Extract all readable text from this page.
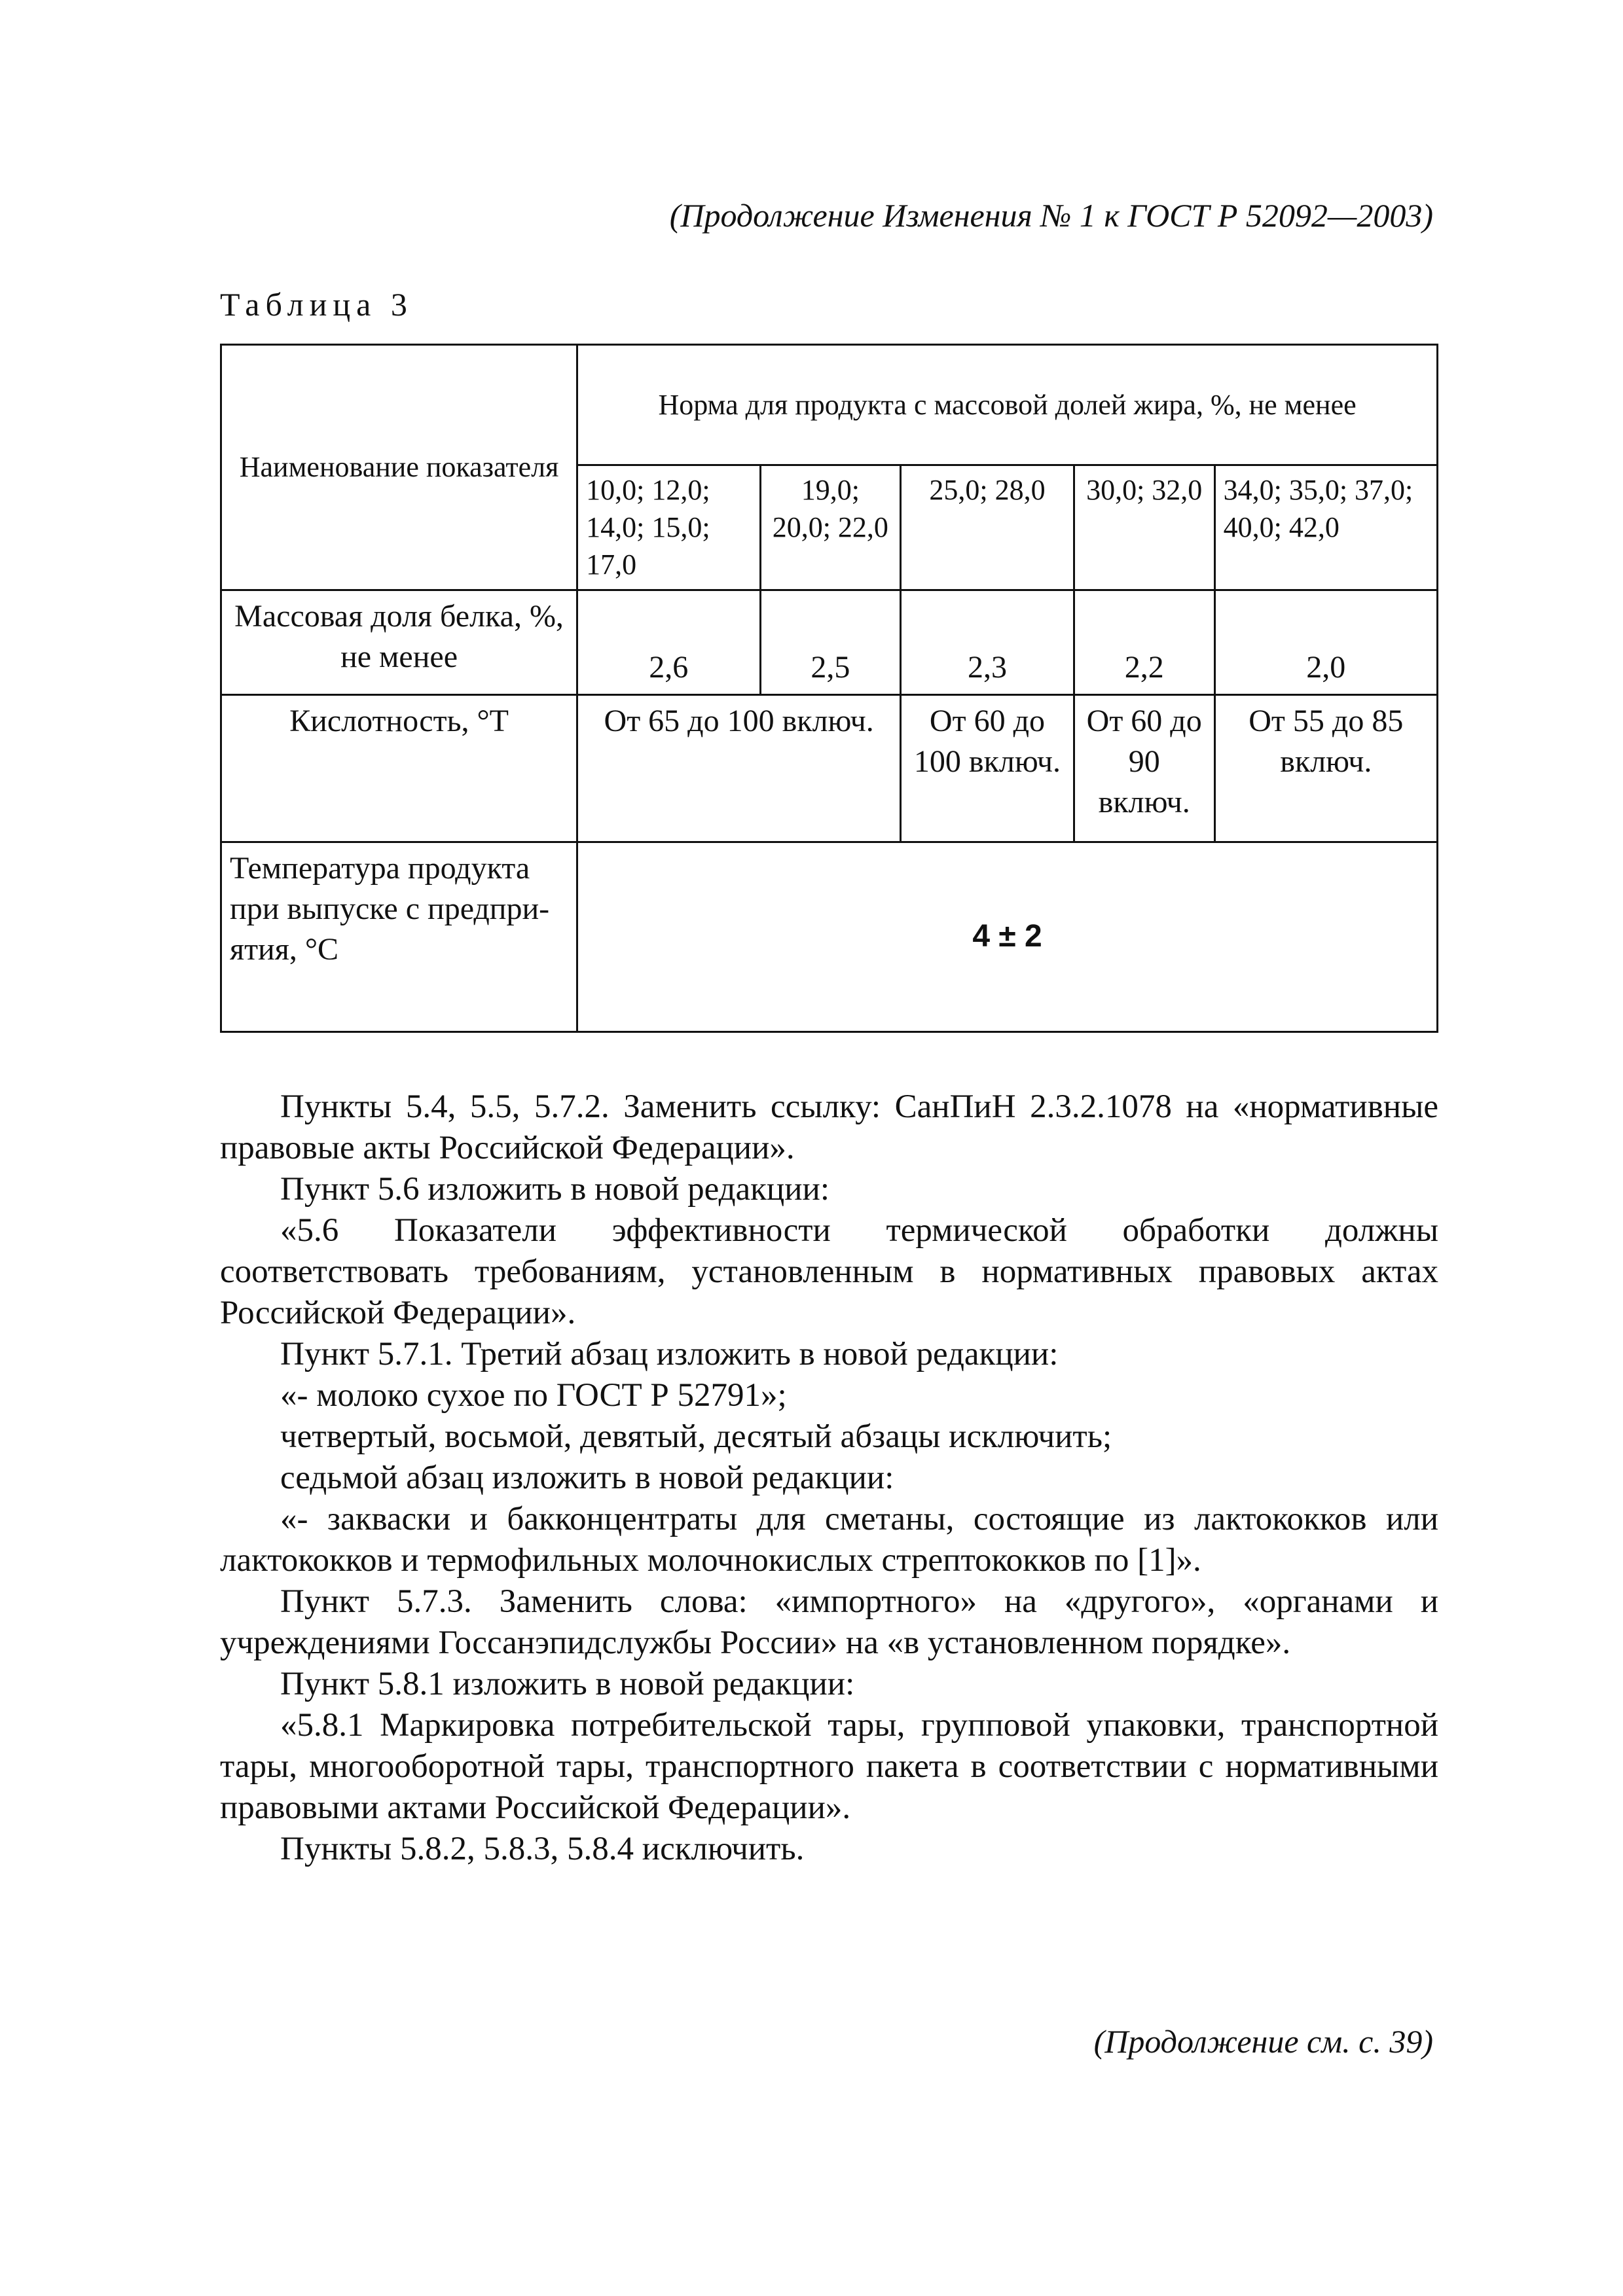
(Продолжение Изменения № 1 к ГОСТ Р 52092—2003)
Таблица 3
Наименование показателя	Норма для продукта с массовой долей жира, %, не менее				
	10,0; 12,0; 14,0; 15,0; 17,0	19,0; 20,0; 22,0	25,0; 28,0	30,0; 32,0	34,0; 35,0; 37,0; 40,0; 42,0
Массовая доля белка, %, не менее	2,6	2,5	2,3	2,2	2,0
Кислотность, °Т	От 65 до 100 включ.		От 60 до 100 включ.	От 60 до 90 включ.	От 55 до 85 включ.
Температура продукта при выпуске с предпри-ятия, °С	4 ± 2				

Пункты 5.4, 5.5, 5.7.2. Заменить ссылку: СанПиН 2.3.2.1078 на «нормативные правовые акты Российской Федерации».

Пункт 5.6 изложить в новой редакции:

«5.6 Показатели эффективности термической обработки должны соответствовать требованиям, установленным в нормативных правовых актах Российской Федерации».

Пункт 5.7.1. Третий абзац изложить в новой редакции:

«- молоко сухое по ГОСТ Р 52791»;

четвертый, восьмой, девятый, десятый абзацы исключить;

седьмой абзац изложить в новой редакции:

«- закваски и бакконцентраты для сметаны, состоящие из лактококков или лактококков и термофильных молочнокислых стрептококков по [1]».

Пункт 5.7.3. Заменить слова: «импортного» на «другого», «органами и учреждениями Госсанэпидслужбы России» на «в установленном порядке».

Пункт 5.8.1 изложить в новой редакции:

«5.8.1 Маркировка потребительской тары, групповой упаковки, транспортной тары, многооборотной тары, транспортного пакета в соответствии с нормативными правовыми актами Российской Федерации».

Пункты 5.8.2, 5.8.3, 5.8.4 исключить.

(Продолжение см. с. 39)
